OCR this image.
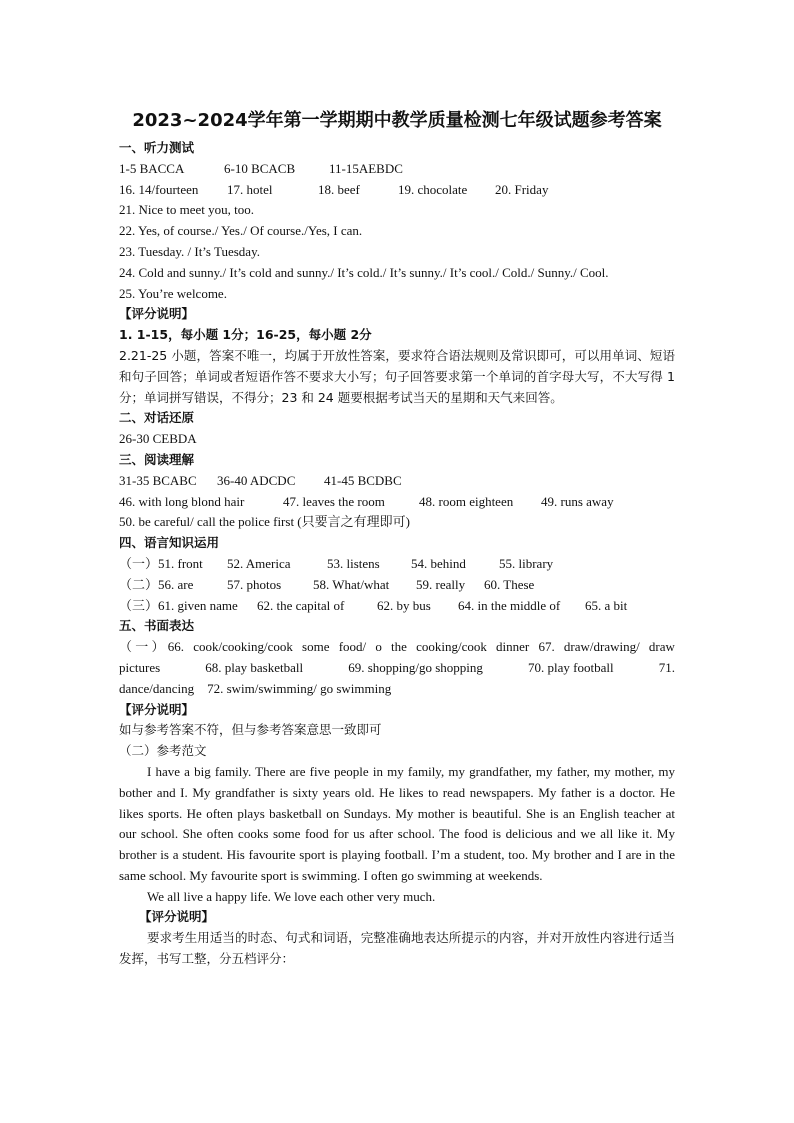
2023~2024学年第一学期期中教学质量检测七年级试题参考答案
一、听力测试
1-5 BACCA	6-10 BCACB	11-15AEBDC
16. 14/fourteen 17. hotel	18. beef	19. chocolate 20. Friday
21. Nice to meet you, too.
22. Yes, of course./ Yes./ Of course./Yes, I can.
23. Tuesday. / It’s Tuesday.
24. Cold and sunny./ It’s cold and sunny./ It’s cold./ It’s sunny./ It’s cool./ Cold./ Sunny./ Cool.
25. You’re welcome.
【评分说明】
1. 1-15，每小题 1分；16-25，每小题 2分
2.21-25 小题，答案不唯一，均属于开放性答案，要求符合语法规则及常识即可，可以用单词、短语和句子回答；单词或者短语作答不要求大小写；句子回答要求第一个单词的首字母大写，不大写得 1分；单词拼写错误，不得分；23 和 24 题要根据考试当天的星期和天气来回答。
二、对话还原
26-30 CEBDA
三、阅读理解
31-35 BCABC 36-40 ADCDC 41-45 BCDBC
46. with long blond hair	47. leaves the room	48. room eighteen 49. runs away
50. be careful/ call the police first (只要言之有理即可)
四、语言知识运用
（一）51. front 52. America	53. listens 54. behind	55. library
（二）56. are	57. photos 58. What/what 59. really 60. These
（三）61. given name 62. the capital of	62. by bus 64. in the middle of 65. a bit
五、书面表达
（ 一 ） 66. cook/cooking/cook some food/ o the cooking/cook dinner 67. draw/drawing/ draw
pictures	68. play basketball	69. shopping/go shopping	70. play football	71.
dance/dancing    72. swim/swimming/ go swimming
【评分说明】
如与参考答案不符，但与参考答案意思一致即可
（二）参考范文
I have a big family. There are five people in my family, my grandfather, my father, my mother, my bother and I. My grandfather is sixty years old. He likes to read newspapers. My father is a doctor. He likes sports. He often plays basketball on Sundays. My mother is beautiful. She is an English teacher at our school. She often cooks some food for us after school. The food is delicious and we all like it. My brother is a student. His favourite sport is playing football. I’m a student, too. My brother and I are in the same school. My favourite sport is swimming. I often go swimming at weekends.
We all live a happy life. We love each other very much.
【评分说明】
要求考生用适当的时态、句式和词语，完整准确地表达所提示的内容，并对开放性内容进行适当发挥，书写工整，分五档评分：
